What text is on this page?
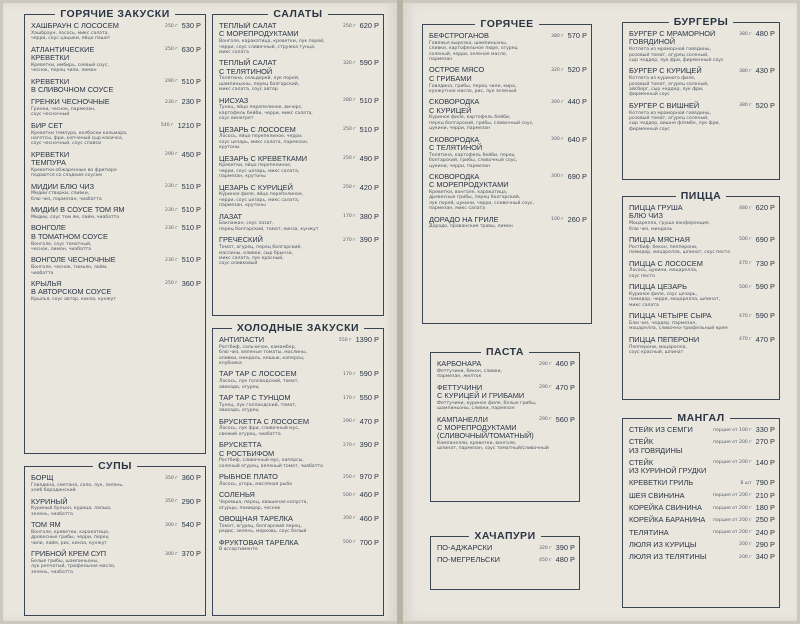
ГОРЯЧИЕ ЗАКУСКИ
ХАШБРАУН С ЛОСОСЕМ	250 г 530 Р
Хашбраун, лосось, микс салата,
черри, соус цацыки, яйцо пашот
АТЛАНТИЧЕСКИЕ
КРЕВЕТКИ
250 г 630 Р
Креветки, имбирь, соевый соус,
чеснок, перец чили, лимон
КРЕВЕТКИ
В СЛИВОЧНОМ СОУСЕ
290 г 510 Р
ГРЕНКИ ЧЕСНОЧНЫЕ	230 г 230 Р
Гренки, чеснок, пармезан,
соус чесночный
БИР СЕТ	540 г 1210 Р
Креветки темпура, колбаски кальмара,
нагетсы, фри, копченый сыр косичка,
соус чесночный, соус спайси
КРЕВЕТКИ
ТЕМПУРА
290 г 450 Р
Креветки обжаренные во фритюре
подаются со сладким соусом
МИДИИ БЛЮ ЧИЗ	230 г 510 Р
Мидии створки, сливки,
блю чиз, пармезан, чиабатта
МИДИИ В СОУСЕ ТОМ ЯМ	230 г 510 Р
Мидии, соус том ям, лайм, чиабатта
ВОНГОЛЕ
В ТОМАТНОМ СОУСЕ
230 г 510 Р
Вонголе, соус томатный,
чеснок, лимон, чиабатта
ВОНГОЛЕ ЧЕСНОЧНЫЕ	230 г 510 Р
Вонголе, чеснок, тимьян, лайм,
чиабатта
КРЫЛЬЯ
В АВТОРСКОМ СОУСЕ
250 г 360 Р
Крылья, соус автор, кинза, кунжут
СУПЫ
БОРЩ	350 г 360 Р
Говядина, сметана, сало, лук, зелень,
хлеб бородинский
КУРИНЫЙ	350 г 290 Р
Куриный бульон, курица, лапша,
зелень, чиабатта
ТОМ ЯМ	300 г 540 Р
Вонголе, креветки, каракатица,
древесные грибы, черри, перец
чили, лайм, рис, кинза, кунжут
ГРИБНОЙ КРЕМ СУП	300 г 370 Р
Белые грибы, шампиньоны,
лук репчатый, трюфельное масло,
зелень, чиабатта
САЛАТЫ
ТЕПЛЫЙ САЛАТ
С МОРЕПРОДУКТАМИ
250 г 620 Р
Вонголе, каракатица, креветки, лук порей,
черри, соус сливочный, стружка тунца,
микс салата
ТЕПЛЫЙ САЛАТ
С ТЕЛЯТИНОЙ
320 г 590 Р
Телятина, сельдерей, лук порей,
шампиньоны, перец болгарский,
микс салата, соус автор
НИСУАЗ	280 г 510 Р
Тунец, яйцо перепелиное, вичорс,
картофель бейби, черри, микс салата,
соус винегрет
ЦЕЗАРЬ С ЛОСОСЕМ	250 г 510 Р
Лосось, яйцо перепелиное, черри,
соус цезарь, микс салата, пармезан,
крутоны
ЦЕЗАРЬ С КРЕВЕТКАМИ	250 г 490 Р
Креветки, яйцо перепелиное,
черри, соус цезарь, микс салата,
пармезан, крутоны
ЦЕЗАРЬ С КУРИЦЕЙ	250 г 420 Р
Куриное филе, яйцо перепелиное,
черри, соус цезарь, микс салата,
пармезан, крутоны
ЛАЗАТ	170 г 380 Р
Баклажан, соус лазат,
перец болгарский, томат, кинза, кунжут
ГРЕЧЕСКИЙ	270 г 390 Р
Томат, огурец, перец болгарский,
маслины, оливки, сыр брынза,
микс салата, лук красный,
соус оливковый
ХОЛОДНЫЕ ЗАКУСКИ
АНТИПАСТИ	550 г 1390 Р
Ростбиф, сальчичон, камамбер,
блю чиз, вяленые томаты, маслины,
оливки, миндаль, кешью, каперсы,
клубника
ТАР ТАР С ЛОСОСЕМ	170 г 590 Р
Лосось, лук голландский, томат,
авокадо, огурец
ТАР ТАР С ТУНЦОМ	170 г 550 Р
Тунец, лук голландский, томат,
авокадо, огурец
БРУСКЕТТА С ЛОСОСЕМ	290 г 470 Р
Лосось, лук фри, сливочный мус,
свежий огурец, чиабатта
БРУСКЕТТА
С РОСТБИФОМ
270 г 390 Р
Ростбиф, сливочный мус, каперсы,
соленый огурец, вяленый томат, чиабатта
РЫБНОЕ ПЛАТО	250 г 970 Р
Лосось, угорь, масляная рыба
СОЛЕНЬЯ	500 г 460 Р
Черемша, перец, квашеная капуста,
огурцы, помидор, чеснок
ОВОЩНАЯ ТАРЕЛКА	350 г 460 Р
Томат, огурец, болгарский перец,
редис, зелень, морковь, соус белый
ФРУКТОВАЯ ТАРЕЛКА	500 г 700 Р
В ассортименте
ГОРЯЧЕЕ
БЕФСТРОГАНОВ	380 г 570 Р
Говяжья вырезка, шампиньоны,
сливки, картофельное пюре, огурец
соленый, черри, зеленое масло,
пармезан
ОСТРОЕ МЯСО
С ГРИБАМИ
320 г 520 Р
Говядина, грибы, перец чили, кира,
кунжутное масло, рис, лук зеленый
СКОВОРОДКА
С КУРИЦЕЙ
300 г 440 Р
Куриное филе, картофель бейби,
перец болгарский, грибы, сливочный соус,
цукини, черри, пармезан
СКОВОРОДКА
С ТЕЛЯТИНОЙ
300 г 640 Р
Телятина, картофель бейби, перец
болгарский, грибы, сливочный соус,
цукини, черри, пармезан
СКОВОРОДКА
С МОРЕПРОДУКТАМИ
300 г 690 Р
Креветки, вонголе, каракатица,
древесные грибы, перец болгарский,
лук порей, цукини, черри, сливочный соус,
пармезан, микс салата
ДОРАДО НА ГРИЛЕ	100 г 260 Р
Дорадо, прованские травы, лимон
ПАСТА
КАРБОНАРА	290 г 460 Р
Феттучини, бекон, сливки,
пармезан, желток
ФЕТТУЧИНИ
С КУРИЦЕЙ И ГРИБАМИ
290 г 470 Р
Феттучини, куриное филе, белые грибы,
шампиньоны, сливки, пармезан
КАМПАНЕЛЛИ
С МОРЕПРОДУКТАМИ
(СЛИВОЧНЫЙ/ТОМАТНЫЙ)
290 г 560 Р
Кампанелли, креветки, вонголе,
шпинат, пармезан, соус томатный/сливочный
ХАЧАПУРИ
ПО-АДЖАРСКИ	320 г 390 Р
ПО-МЕГРЕЛЬСКИ	450 г 480 Р
БУРГЕРЫ
БУРГЕР С МРАМОРНОЙ
ГОВЯДИНОЙ
380 г 480 Р
Котлета из мраморной говядины,
розовый томат, огурец соленый,
сыр чеддер, лук фри, фирменный соус
БУРГЕР С КУРИЦЕЙ	380 г 430 Р
Котлета из куриного филе,
розовый томат, огурец соленый,
айсберг, сыр чеддер, лук фри,
фирменный соус
БУРГЕР С ВИШНЕЙ	380 г 520 Р
Котлета из мраморной говядины,
розовый томат, огурец соленый,
сыр чеддер, вишня флэмбе, лук фри,
фирменный соус
ПИЦЦА
ПИЦЦА ГРУША
БЛЮ ЧИЗ
480 г 620 Р
Моцарелла, груша конференция,
блю чиз, миндаль
ПИЦЦА МЯСНАЯ	500 г 690 Р
Ростбиф, бекон, пепперони,
помидор, моцарелла, шпинат, соус песто
ПИЦЦА С ЛОСОСЕМ	470 г 730 Р
Лосось, цукини, моцарелла,
соус песто
ПИЦЦА ЦЕЗАРЬ	500 г 590 Р
Куриное филе, соус цезарь,
помидор, черри, моцарелла, шпинат,
микс салата
ПИЦЦА ЧЕТЫРЕ СЫРА	470 г 590 Р
Блю чиз, чеддер, пармезан,
моцарелла, сливочно-трюфельный крем
ПИЦЦА ПЕПЕРОНИ	470 г 470 Р
Пепперони, моцарелла,
соус красный, шпинат
МАНГАЛ
СТЕЙК ИЗ СЕМГИ	порция от 100 г 330 Р
СТЕЙК
ИЗ ГОВЯДИНЫ
порция от 200 г 270 Р
СТЕЙК
ИЗ КУРИНОЙ ГРУДКИ
порция от 200 г 140 Р
КРЕВЕТКИ ГРИЛЬ	8 шт 790 Р
ШЕЯ СВИНИНА	порция от 200 г 210 Р
КОРЕЙКА СВИНИНА	порция от 200 г 180 Р
КОРЕЙКА БАРАНИНА	порция от 200 г 250 Р
ТЕЛЯТИНА	порция от 200 г 240 Р
ЛЮЛЯ ИЗ КУРИЦЫ	200 г 290 Р
ЛЮЛЯ ИЗ ТЕЛЯТИНЫ	200 г 340 Р
